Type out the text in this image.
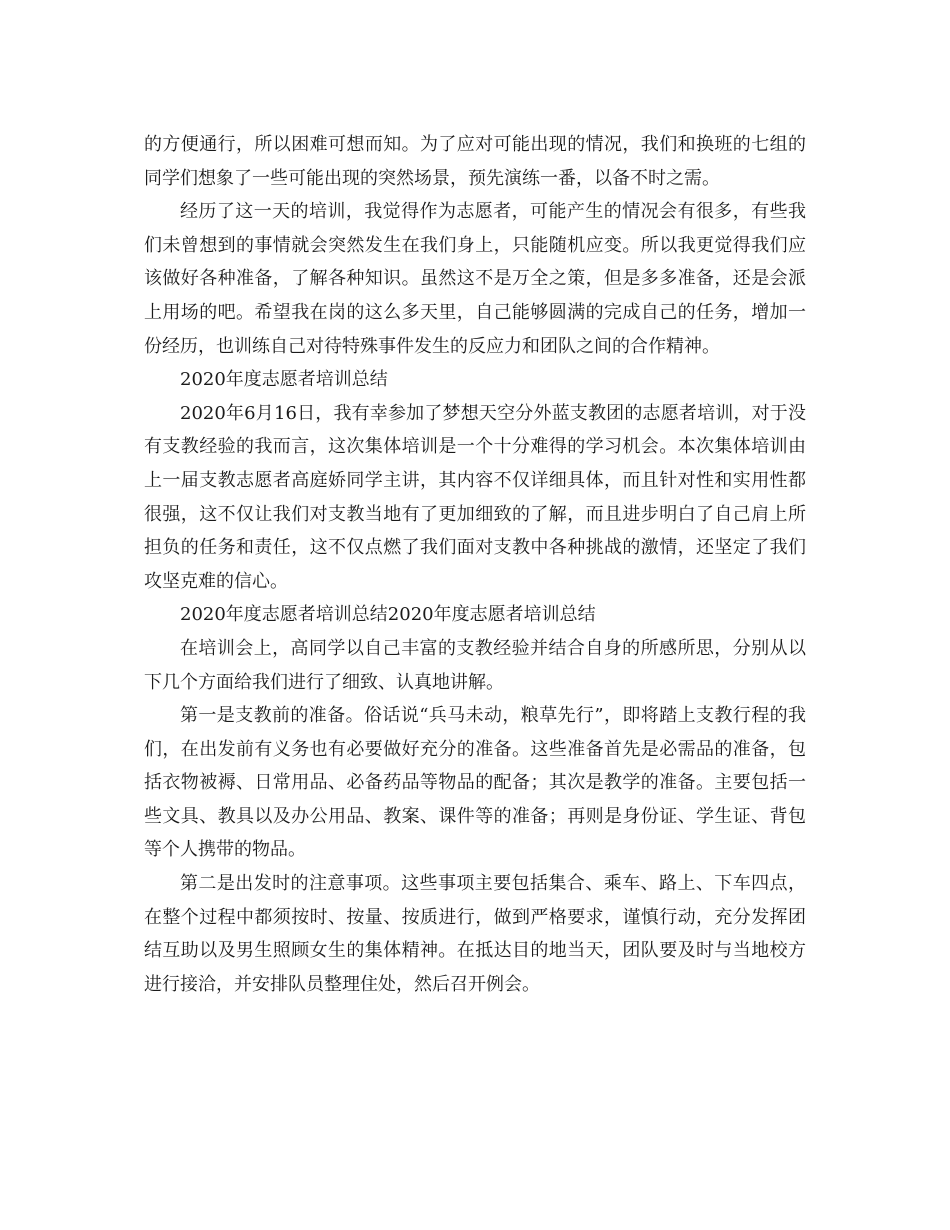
的方便通行，所以困难可想而知。为了应对可能出现的情况，我们和换班的七组的同学们想象了一些可能出现的突然场景，预先演练一番，以备不时之需。

经历了这一天的培训，我觉得作为志愿者，可能产生的情况会有很多，有些我们未曾想到的事情就会突然发生在我们身上，只能随机应变。所以我更觉得我们应该做好各种准备，了解各种知识。虽然这不是万全之策，但是多多准备，还是会派上用场的吧。希望我在岗的这么多天里，自己能够圆满的完成自己的任务，增加一份经历，也训练自己对待特殊事件发生的反应力和团队之间的合作精神。

2020年度志愿者培训总结

2020年6月16日，我有幸参加了梦想天空分外蓝支教团的志愿者培训，对于没有支教经验的我而言，这次集体培训是一个十分难得的学习机会。本次集体培训由上一届支教志愿者高庭娇同学主讲，其内容不仅详细具体，而且针对性和实用性都很强，这不仅让我们对支教当地有了更加细致的了解，而且进步明白了自己肩上所担负的任务和责任，这不仅点燃了我们面对支教中各种挑战的激情，还坚定了我们攻坚克难的信心。

2020年度志愿者培训总结2020年度志愿者培训总结

在培训会上，高同学以自己丰富的支教经验并结合自身的所感所思，分别从以下几个方面给我们进行了细致、认真地讲解。

第一是支教前的准备。俗话说“兵马未动，粮草先行”，即将踏上支教行程的我们，在出发前有义务也有必要做好充分的准备。这些准备首先是必需品的准备，包括衣物被褥、日常用品、必备药品等物品的配备；其次是教学的准备。主要包括一些文具、教具以及办公用品、教案、课件等的准备；再则是身份证、学生证、背包等个人携带的物品。

第二是出发时的注意事项。这些事项主要包括集合、乘车、路上、下车四点，在整个过程中都须按时、按量、按质进行，做到严格要求，谨慎行动，充分发挥团结互助以及男生照顾女生的集体精神。在抵达目的地当天，团队要及时与当地校方进行接洽，并安排队员整理住处，然后召开例会。
